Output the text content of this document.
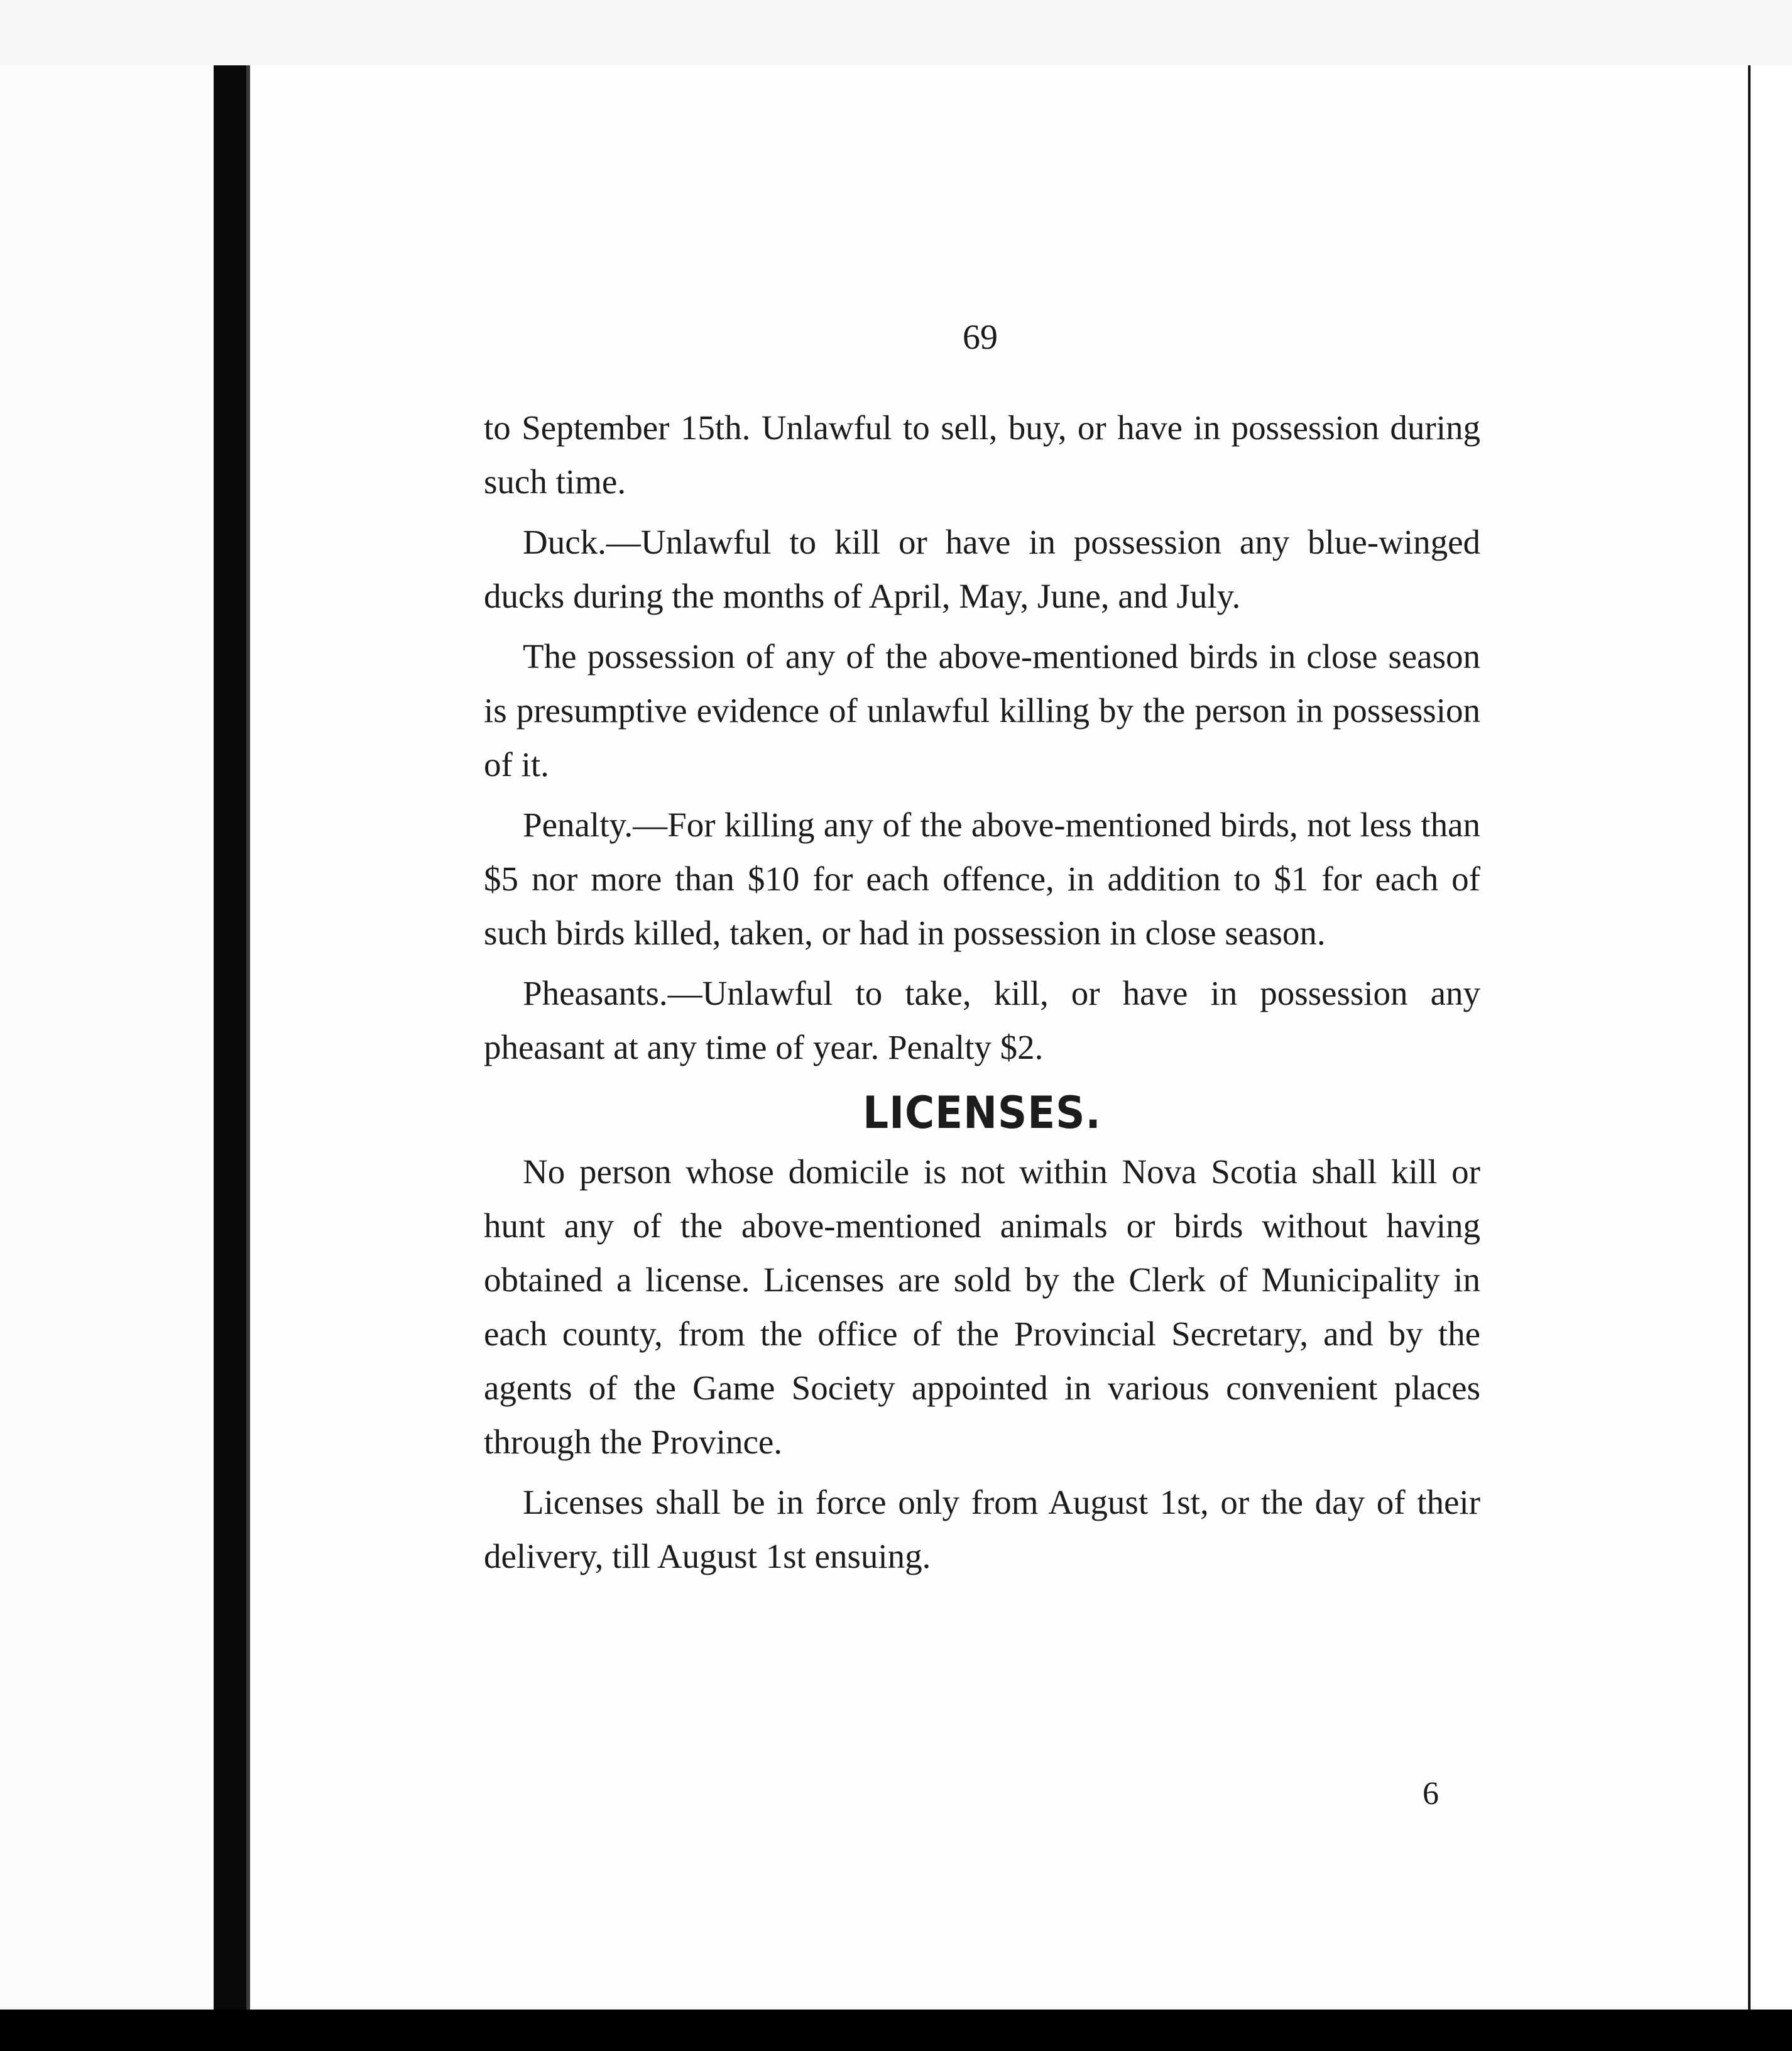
69

to September 15th. Unlawful to sell, buy, or have in possession during such time.

Duck.—Unlawful to kill or have in possession any blue-winged ducks during the months of April, May, June, and July.

The possession of any of the above-mentioned birds in close season is presumptive evidence of unlawful killing by the person in possession of it.

Penalty.—For killing any of the above-mentioned birds, not less than $5 nor more than $10 for each offence, in addition to $1 for each of such birds killed, taken, or had in possession in close season.

Pheasants.—Unlawful to take, kill, or have in possession any pheasant at any time of year. Penalty $2.

LICENSES.

No person whose domicile is not within Nova Scotia shall kill or hunt any of the above-mentioned animals or birds without having obtained a license. Licenses are sold by the Clerk of Municipality in each county, from the office of the Provincial Secretary, and by the agents of the Game Society appointed in various convenient places through the Province.

Licenses shall be in force only from August 1st, or the day of their delivery, till August 1st ensuing.

6
